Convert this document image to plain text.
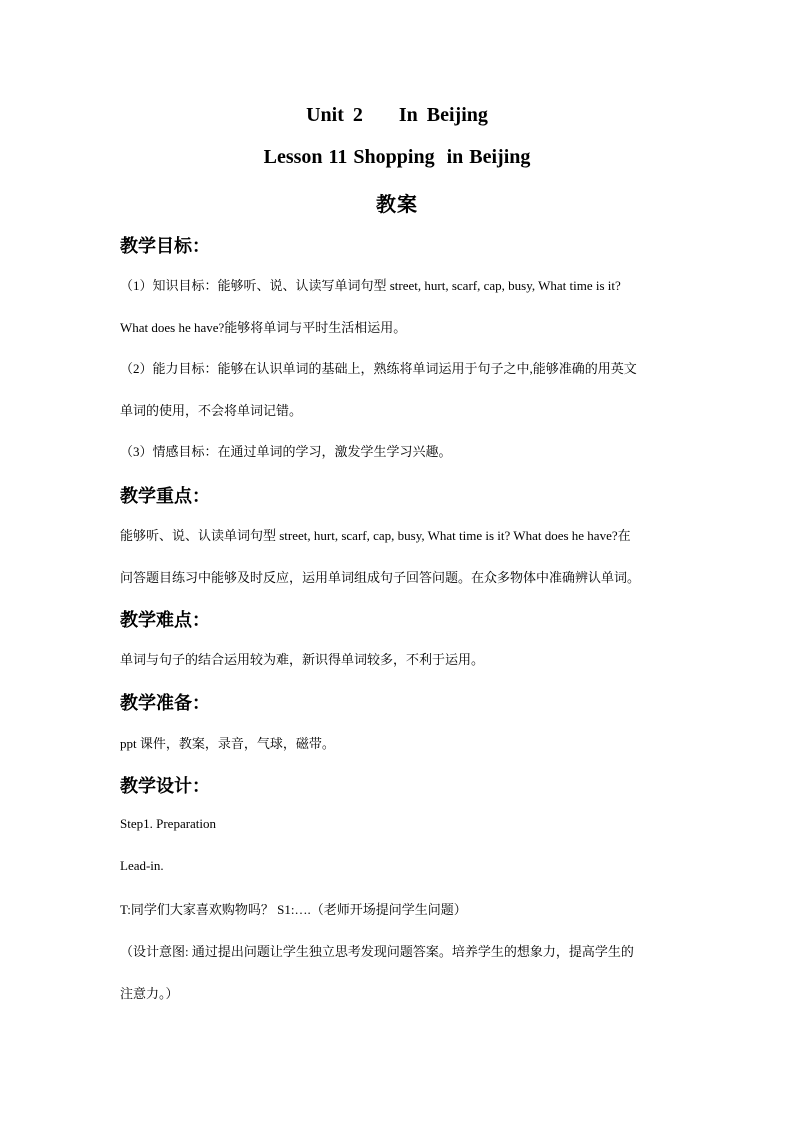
Unit 2    In Beijing
Lesson 11 Shopping  in Beijing
教案
教学目标：
（1）知识目标：能够听、说、认读写单词句型 street, hurt, scarf, cap, busy, What time is it?
What does he have?能够将单词与平时生活相运用。
（2）能力目标：能够在认识单词的基础上，熟练将单词运用于句子之中,能够准确的用英文
单词的使用，不会将单词记错。
（3）情感目标：在通过单词的学习，激发学生学习兴趣。
教学重点：
能够听、说、认读单词句型 street, hurt, scarf, cap, busy, What time is it? What does he have?在
问答题目练习中能够及时反应，运用单词组成句子回答问题。在众多物体中准确辨认单词。
教学难点：
单词与句子的结合运用较为难，新识得单词较多，不利于运用。
教学准备：
ppt 课件，教案，录音，气球，磁带。
教学设计：
Step1. Preparation
Lead-in.
T:同学们大家喜欢购物吗？ S1:….（老师开场提问学生问题）
（设计意图: 通过提出问题让学生独立思考发现问题答案。培养学生的想象力，提高学生的
注意力。）
